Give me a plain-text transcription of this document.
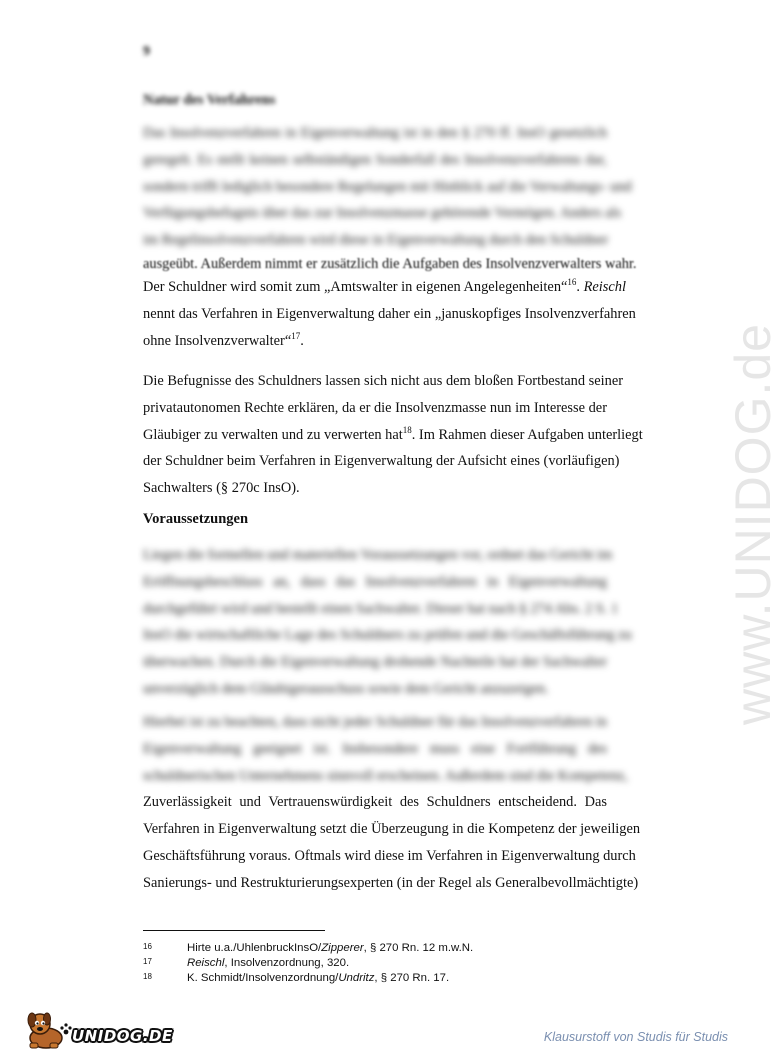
9
Natur des Verfahrens
Das Insolvenzverfahren in Eigenverwaltung ist in den § 270 ff. InsO gesetzlich
geregelt. Es stellt keinen selbständigen Sonderfall des Insolvenzverfahrens dar,
sondern trifft lediglich besondere Regelungen mit Hinblick auf die Verwaltungs- und
Verfügungsbefugnis über das zur Insolvenzmasse gehörende Vermögen. Anders als
im Regelinsolvenzverfahren wird diese in Eigenverwaltung durch den Schuldner
ausgeübt. Außerdem nimmt er zusätzlich die Aufgaben des Insolvenzverwalters wahr.
Der Schuldner wird somit zum „Amtswalter in eigenen Angelegenheiten“$^{16}$. Reischl
nennt das Verfahren in Eigenverwaltung daher ein „januskopfiges Insolvenzverfahren
ohne Insolvenzverwalter“$^{17}$.
Die Befugnisse des Schuldners lassen sich nicht aus dem bloßen Fortbestand seiner
privatautonomen Rechte erklären, da er die Insolvenzmasse nun im Interesse der
Gläubiger zu verwalten und zu verwerten hat$^{18}$. Im Rahmen dieser Aufgaben unterliegt
der Schuldner beim Verfahren in Eigenverwaltung der Aufsicht eines (vorläufigen)
Sachwalters (§ 270c InsO).
Voraussetzungen
Liegen die formellen und materiellen Voraussetzungen vor, ordnet das Gericht im
Eröffnungsbeschluss an, dass das Insolvenzverfahren in Eigenverwaltung
durchgeführt wird und bestellt einen Sachwalter. Dieser hat nach § 274 Abs. 2 S. 1
InsO die wirtschaftliche Lage des Schuldners zu prüfen und die Geschäftsführung zu
überwachen. Durch die Eigenverwaltung drohende Nachteile hat der Sachwalter
unverzüglich dem Gläubigerausschuss sowie dem Gericht anzuzeigen.
Hierbei ist zu beachten, dass nicht jeder Schuldner für das Insolvenzverfahren in
Eigenverwaltung geeignet ist. Insbesondere muss eine Fortführung des
schuldnerischen Unternehmens sinnvoll erscheinen. Außerdem sind die Kompetenz,
Zuverlässigkeit und Vertrauenswürdigkeit des Schuldners entscheidend. Das
Verfahren in Eigenverwaltung setzt die Überzeugung in die Kompetenz der jeweiligen
Geschäftsführung voraus. Oftmals wird diese im Verfahren in Eigenverwaltung durch
Sanierungs- und Restrukturierungsexperten (in der Regel als Generalbevollmächtigte)
16	Hirte u.a./UhlenbruckInsO/Zipperer, § 270 Rn. 12 m.w.N.
17	Reischl, Insolvenzordnung, 320.
18	K. Schmidt/Insolvenzordnung/Undritz, § 270 Rn. 17.
www.UNIDOG.de
UNIDOG.DE	Klausurstoff von Studis für Studis
